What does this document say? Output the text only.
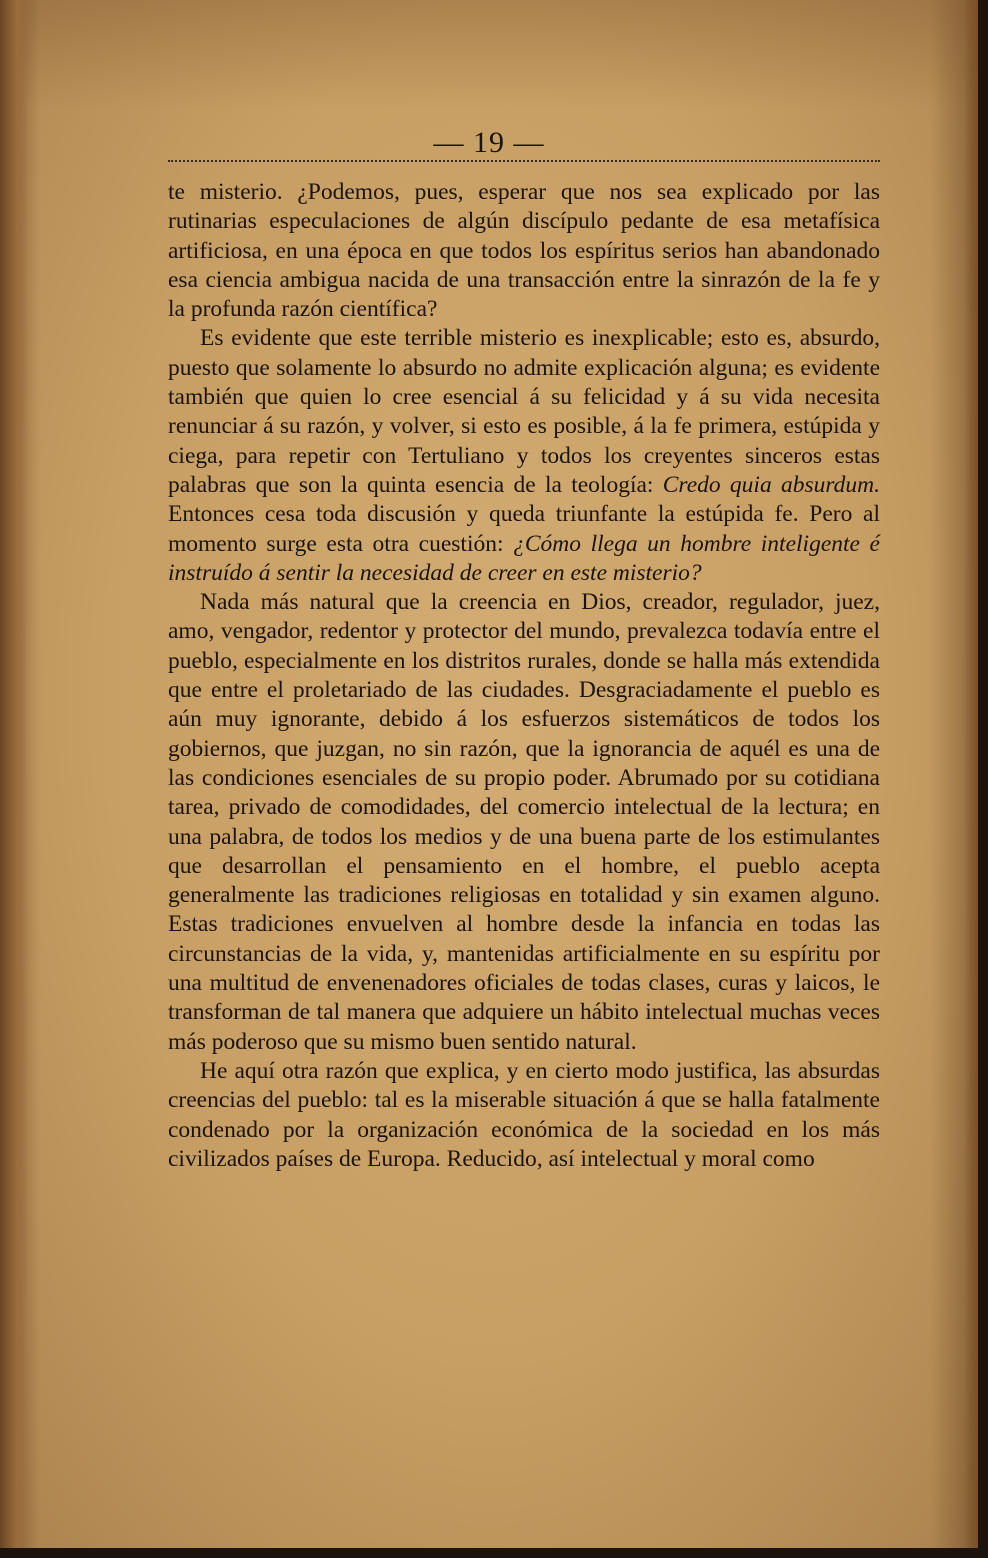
— 19 —

te misterio. ¿Podemos, pues, esperar que nos sea explicado por las rutinarias especulaciones de algún discípulo pedante de esa metafísica artificiosa, en una época en que todos los espíritus serios han abandonado esa ciencia ambigua nacida de una transacción entre la sinrazón de la fe y la profunda razón científica?

Es evidente que este terrible misterio es inexplicable; esto es, absurdo, puesto que solamente lo absurdo no admite explicación alguna; es evidente también que quien lo cree esencial á su felicidad y á su vida necesita renunciar á su razón, y volver, si esto es posible, á la fe primera, estúpida y ciega, para repetir con Tertuliano y todos los creyentes sinceros estas palabras que son la quinta esencia de la teología: Credo quia absurdum. Entonces cesa toda discusión y queda triunfante la estúpida fe. Pero al momento surge esta otra cuestión: ¿Cómo llega un hombre inteligente é instruído á sentir la necesidad de creer en este misterio?

Nada más natural que la creencia en Dios, creador, regulador, juez, amo, vengador, redentor y protector del mundo, prevalezca todavía entre el pueblo, especialmente en los distritos rurales, donde se halla más extendida que entre el proletariado de las ciudades. Desgraciadamente el pueblo es aún muy ignorante, debido á los esfuerzos sistemáticos de todos los gobiernos, que juzgan, no sin razón, que la ignorancia de aquél es una de las condiciones esenciales de su propio poder. Abrumado por su cotidiana tarea, privado de comodidades, del comercio intelectual de la lectura; en una palabra, de todos los medios y de una buena parte de los estimulantes que desarrollan el pensamiento en el hombre, el pueblo acepta generalmente las tradiciones religiosas en totalidad y sin examen alguno. Estas tradiciones envuelven al hombre desde la infancia en todas las circunstancias de la vida, y, mantenidas artificialmente en su espíritu por una multitud de envenenadores oficiales de todas clases, curas y laicos, le transforman de tal manera que adquiere un hábito intelectual muchas veces más poderoso que su mismo buen sentido natural.

He aquí otra razón que explica, y en cierto modo justifica, las absurdas creencias del pueblo: tal es la miserable situación á que se halla fatalmente condenado por la organización económica de la sociedad en los más civilizados países de Europa. Reducido, así intelectual y moral como
